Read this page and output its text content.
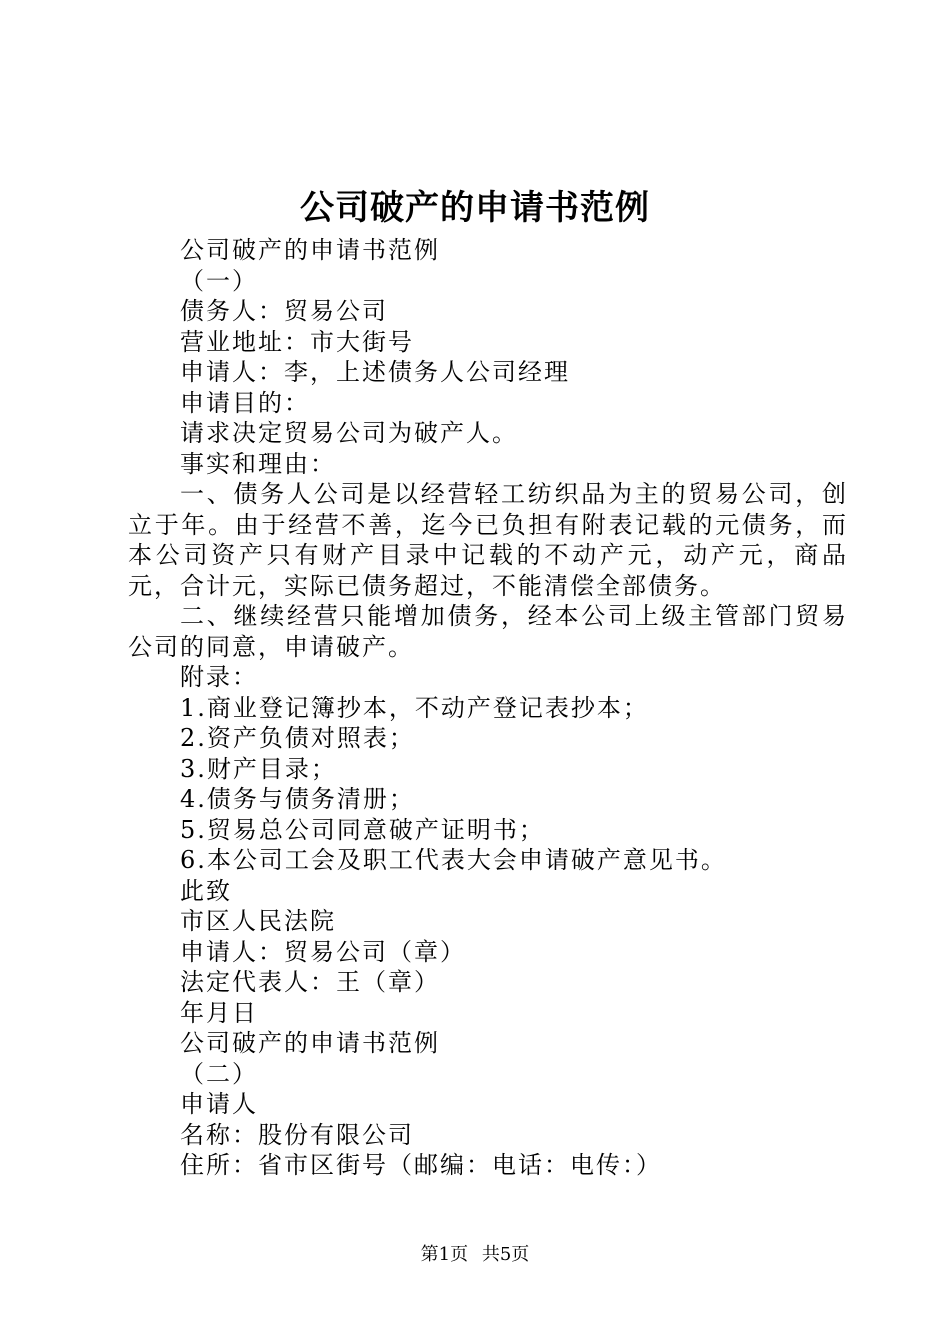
公司破产的申请书范例

公司破产的申请书范例

（一）

债务人：贸易公司

营业地址：市大街号

申请人：李，上述债务人公司经理

申请目的：

请求决定贸易公司为破产人。

事实和理由：

一、债务人公司是以经营轻工纺织品为主的贸易公司，创立于年。由于经营不善，迄今已负担有附表记载的元债务，而本公司资产只有财产目录中记载的不动产元，动产元，商品元，合计元，实际已债务超过，不能清偿全部债务。

二、继续经营只能增加债务，经本公司上级主管部门贸易公司的同意，申请破产。

附录：

1.商业登记簿抄本，不动产登记表抄本；

2.资产负债对照表；

3.财产目录；

4.债务与债务清册；

5.贸易总公司同意破产证明书；

6.本公司工会及职工代表大会申请破产意见书。

此致

市区人民法院

申请人：贸易公司（章）

法定代表人：王（章）

年月日

公司破产的申请书范例

（二）

申请人

名称：股份有限公司

住所：省市区街号（邮编：电话：电传：）

第1页 共5页
